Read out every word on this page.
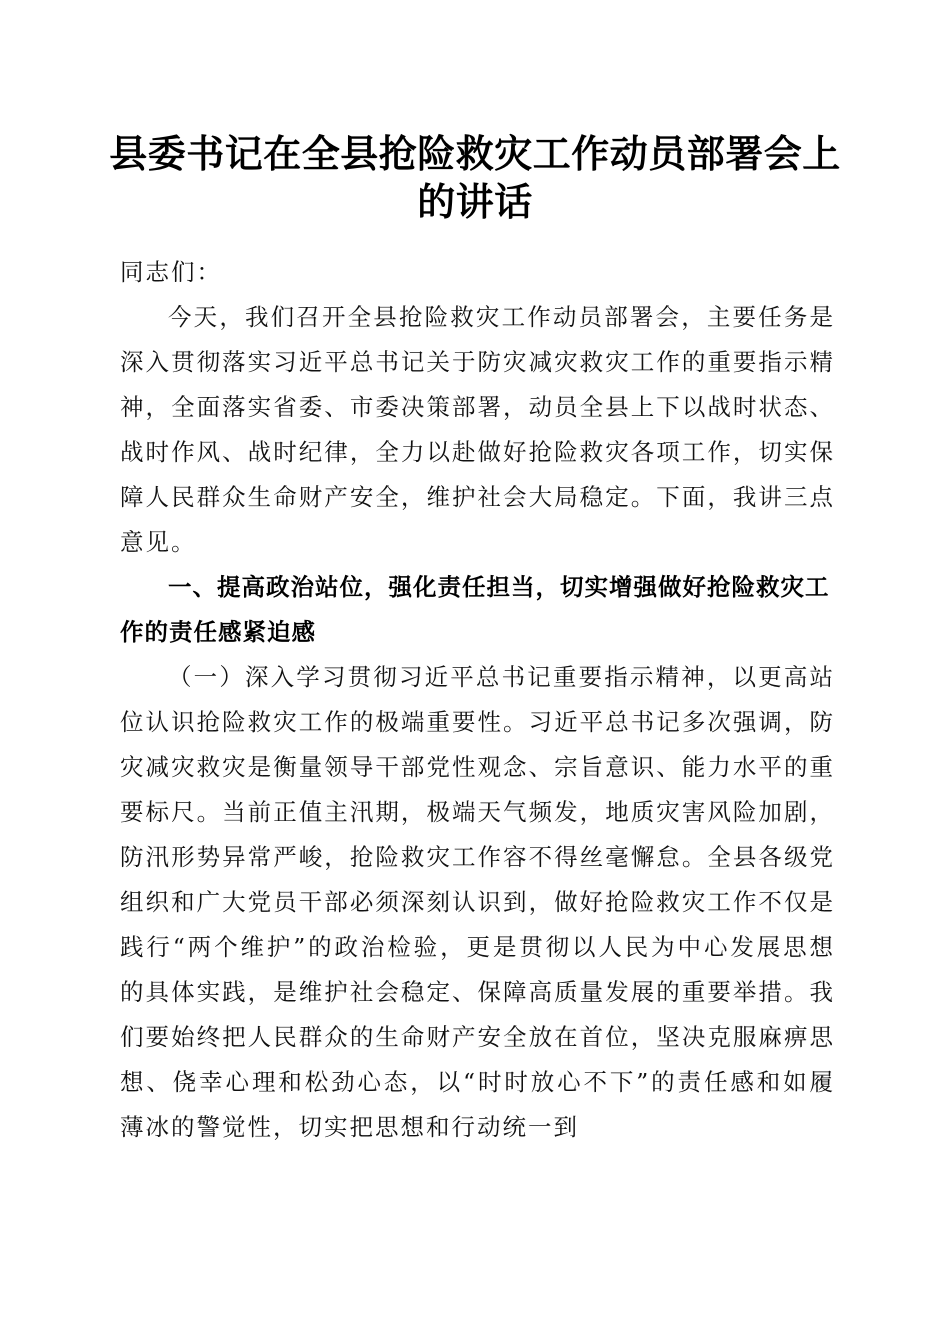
县委书记在全县抢险救灾工作动员部署会上的讲话

同志们：

今天，我们召开全县抢险救灾工作动员部署会，主要任务是深入贯彻落实习近平总书记关于防灾减灾救灾工作的重要指示精神，全面落实省委、市委决策部署，动员全县上下以战时状态、战时作风、战时纪律，全力以赴做好抢险救灾各项工作，切实保障人民群众生命财产安全，维护社会大局稳定。下面，我讲三点意见。

一、提高政治站位，强化责任担当，切实增强做好抢险救灾工作的责任感紧迫感

（一）深入学习贯彻习近平总书记重要指示精神，以更高站位认识抢险救灾工作的极端重要性。习近平总书记多次强调，防灾减灾救灾是衡量领导干部党性观念、宗旨意识、能力水平的重要标尺。当前正值主汛期，极端天气频发，地质灾害风险加剧，防汛形势异常严峻，抢险救灾工作容不得丝毫懈怠。全县各级党组织和广大党员干部必须深刻认识到，做好抢险救灾工作不仅是践行“两个维护”的政治检验，更是贯彻以人民为中心发展思想的具体实践，是维护社会稳定、保障高质量发展的重要举措。我们要始终把人民群众的生命财产安全放在首位，坚决克服麻痹思想、侥幸心理和松劲心态，以“时时放心不下”的责任感和如履薄冰的警觉性，切实把思想和行动统一到
